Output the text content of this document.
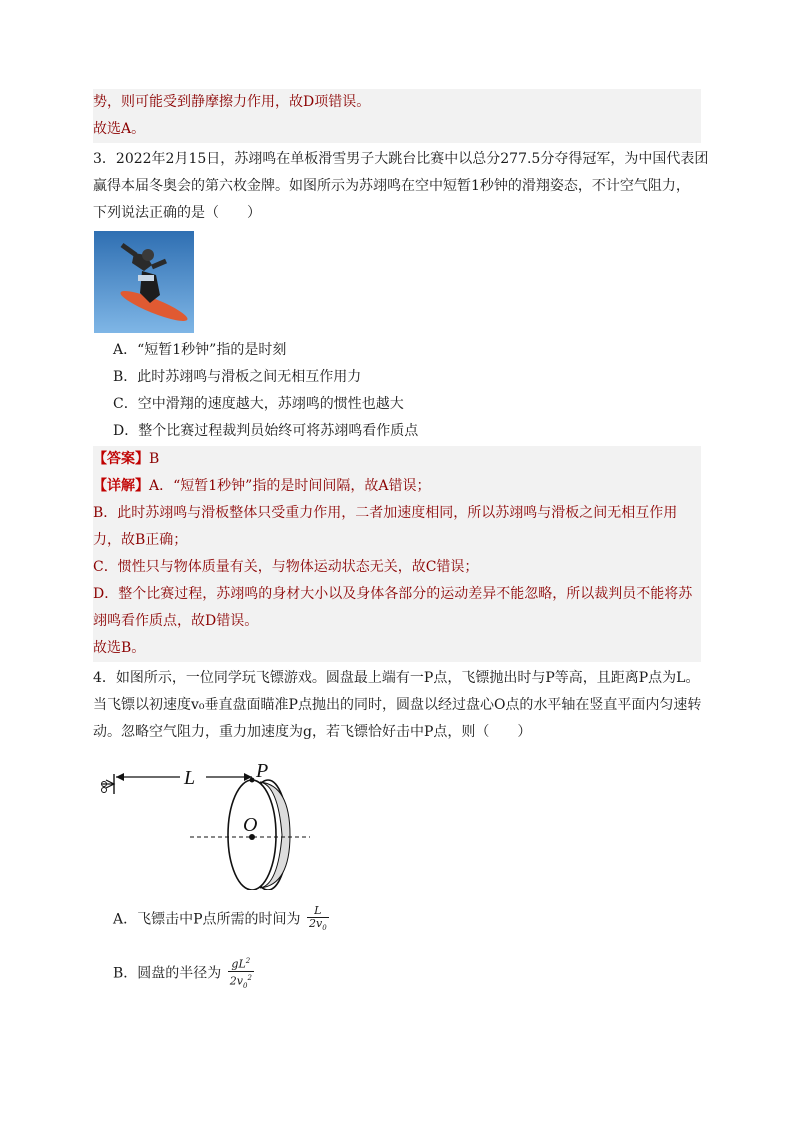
势，则可能受到静摩擦力作用，故D项错误。
故选A。
3．2022年2月15日，苏翊鸣在单板滑雪男子大跳台比赛中以总分277.5分夺得冠军，为中国代表团
赢得本届冬奥会的第六枚金牌。如图所示为苏翊鸣在空中短暂1秒钟的滑翔姿态，不计空气阻力，
下列说法正确的是（　　）
A．“短暂1秒钟”指的是时刻
B．此时苏翊鸣与滑板之间无相互作用力
C．空中滑翔的速度越大，苏翊鸣的惯性也越大
D．整个比赛过程裁判员始终可将苏翊鸣看作质点
【答案】B
【详解】A．“短暂1秒钟”指的是时间间隔，故A错误；
B．此时苏翊鸣与滑板整体只受重力作用，二者加速度相同，所以苏翊鸣与滑板之间无相互作用
力，故B正确；
C．惯性只与物体质量有关，与物体运动状态无关，故C错误；
D．整个比赛过程，苏翊鸣的身材大小以及身体各部分的运动差异不能忽略，所以裁判员不能将苏
翊鸣看作质点，故D错误。
故选B。
4．如图所示，一位同学玩飞镖游戏。圆盘最上端有一P点，飞镖抛出时与P等高，且距离P点为L。
当飞镖以初速度v₀垂直盘面瞄准P点抛出的同时，圆盘以经过盘心O点的水平轴在竖直平面内匀速转
动。忽略空气阻力，重力加速度为g，若飞镖恰好击中P点，则（　　）
L	P
O
A．飞镖击中P点所需的时间为 $\frac{L}{2v_0}$
B．圆盘的半径为 $\frac{gL^2}{2v_0^2}$
